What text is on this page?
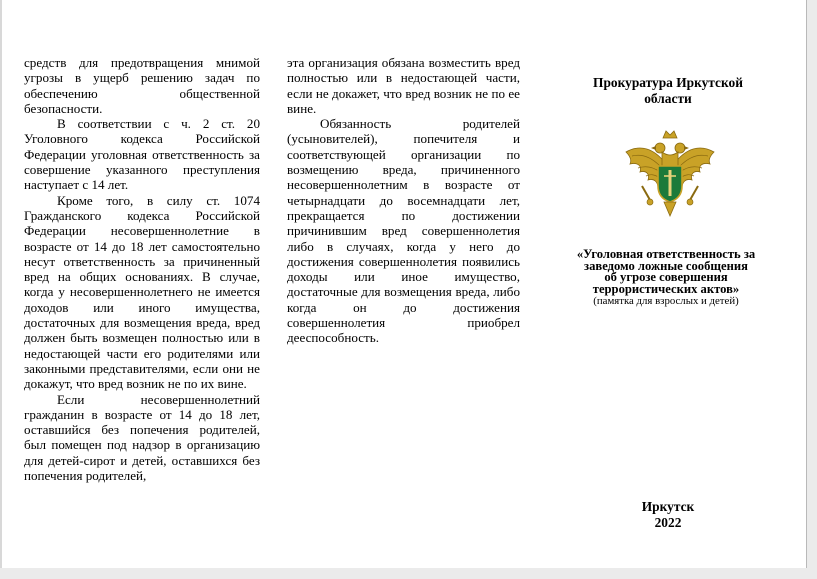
средств для предотвращения мнимой угрозы в ущерб решению задач по обеспечению общественной безопасности.

В соответствии с ч. 2 ст. 20 Уголовного кодекса Российской Федерации уголовная ответственность за совершение указанного преступления наступает с 14 лет.

Кроме того, в силу ст. 1074 Гражданского кодекса Российской Федерации несовершеннолетние в возрасте от 14 до 18 лет самостоятельно несут ответственность за причиненный вред на общих основаниях. В случае, когда у несовершеннолетнего не имеется доходов или иного имущества, достаточных для возмещения вреда, вред должен быть возмещен полностью или в недостающей части его родителями или законными представителями, если они не докажут, что вред возник не по их вине.

Если несовершеннолетний гражданин в возрасте от 14 до 18 лет, оставшийся без попечения родителей, был помещен под надзор в организацию для детей-сирот и детей, оставшихся без попечения родителей,

эта организация обязана возместить вред полностью или в недостающей части, если не докажет, что вред возник не по ее вине.

Обязанность родителей (усыновителей), попечителя и соответствующей организации по возмещению вреда, причиненного несовершеннолетним в возрасте от четырнадцати до восемнадцати лет, прекращается по достижении причинившим вред совершеннолетия либо в случаях, когда у него до достижения совершеннолетия появились доходы или иное имущество, достаточные для возмещения вреда, либо когда он до достижения совершеннолетия приобрел дееспособность.

Прокуратура Иркутской
области
«Уголовная ответственность за
заведомо ложные сообщения
об угрозе совершения
террористических актов»
(памятка для взрослых и детей)
Иркутск
2022
